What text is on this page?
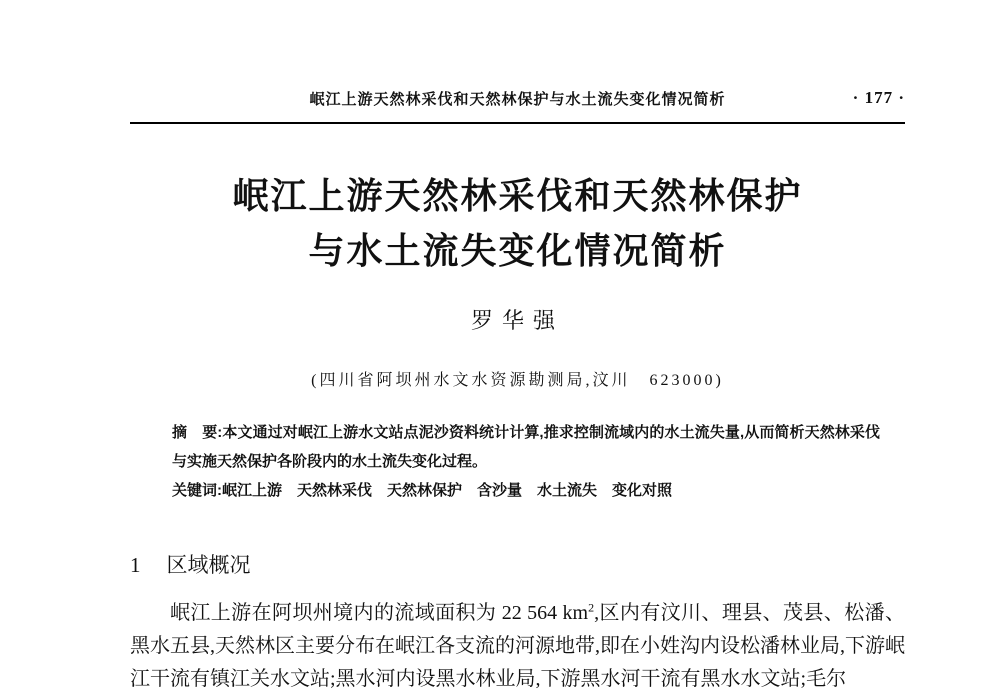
岷江上游天然林采伐和天然林保护与水土流失变化情况简析	· 177 ·
岷江上游天然林采伐和天然林保护
与水土流失变化情况简析
罗华强
(四川省阿坝州水文水资源勘测局,汶川　623000)
摘　要:本文通过对岷江上游水文站点泥沙资料统计计算,推求控制流域内的水土流失量,从而简析天然林采伐与实施天然保护各阶段内的水土流失变化过程。
关键词:岷江上游　天然林采伐　天然林保护　含沙量　水土流失　变化对照
1 区域概况

岷江上游在阿坝州境内的流域面积为 22 564 $km^2$,区内有汶川、理县、茂县、松潘、黑水五县,天然林区主要分布在岷江各支流的河源地带,即在小姓沟内设松潘林业局,下游岷江干流有镇江关水文站;黑水河内设黑水林业局,下游黑水河干流有黑水水文站;毛尔
